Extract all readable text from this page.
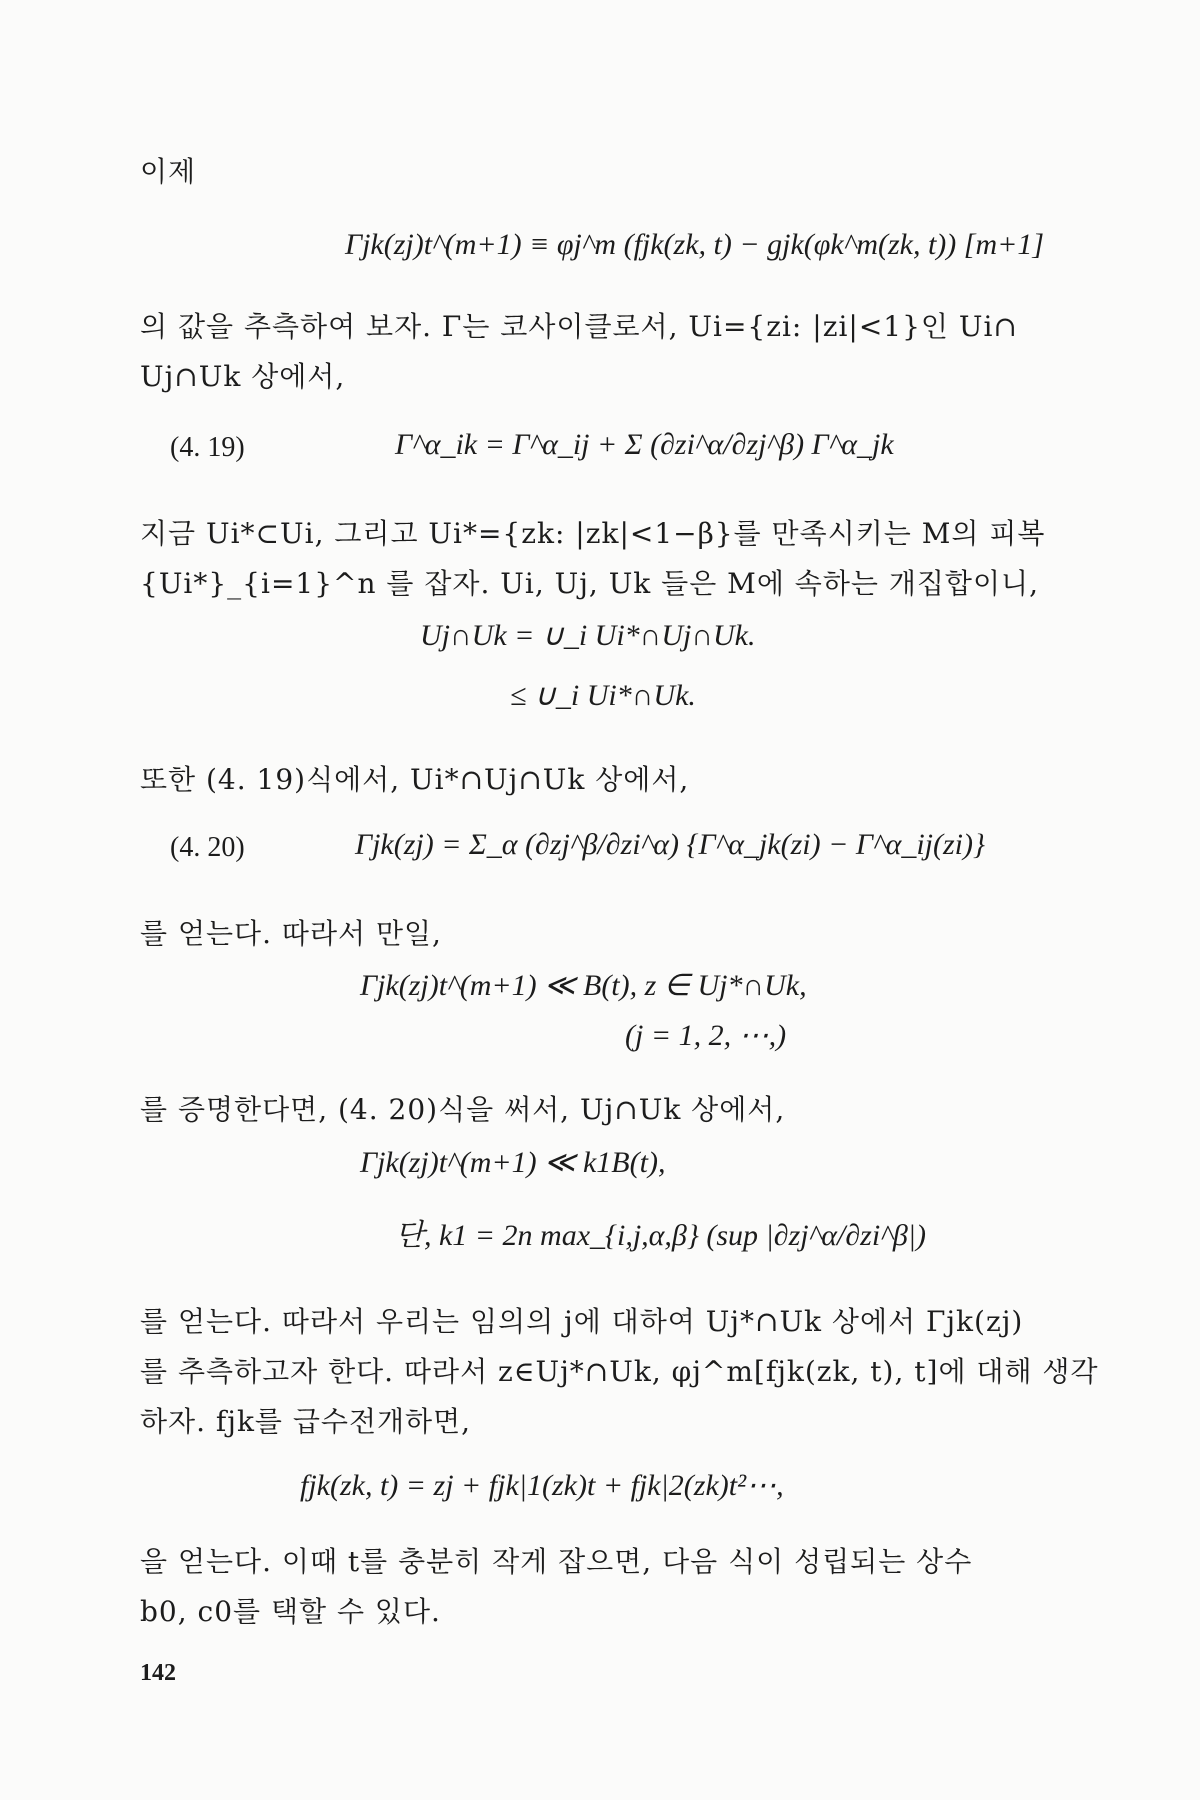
이제
Γjk(zj)t^(m+1) ≡ φj^m (fjk(zk, t) − gjk(φk^m(zk, t)) [m+1]
의 값을 추측하여 보자. Γ는 코사이클로서, Ui={zi: |zi|<1}인 Ui∩
Uj∩Uk 상에서,
(4. 19)	Γ^α_ik = Γ^α_ij + Σ (∂zi^α/∂zj^β) Γ^α_jk
지금 Ui*⊂Ui, 그리고 Ui*={zk: |zk|<1−β}를 만족시키는 M의 피복
{Ui*}_{i=1}^n 를 잡자. Ui, Uj, Uk 들은 M에 속하는 개집합이니,
Uj∩Uk = ∪_i Ui*∩Uj∩Uk.
≤ ∪_i Ui*∩Uk.
또한 (4. 19)식에서, Ui*∩Uj∩Uk 상에서,
(4. 20)	Γjk(zj) = Σ_α (∂zj^β/∂zi^α) {Γ^α_jk(zi) − Γ^α_ij(zi)}
를 얻는다. 따라서 만일,
Γjk(zj)t^(m+1) ≪ B(t), z ∈ Uj*∩Uk,
(j = 1, 2, ⋯,)
를 증명한다면, (4. 20)식을 써서, Uj∩Uk 상에서,
Γjk(zj)t^(m+1) ≪ k1B(t),
단, k1 = 2n max_{i,j,α,β} (sup |∂zj^α/∂zi^β|)
를 얻는다. 따라서 우리는 임의의 j에 대하여 Uj*∩Uk 상에서 Γjk(zj)
를 추측하고자 한다. 따라서 z∈Uj*∩Uk, φj^m[fjk(zk, t), t]에 대해 생각
하자. fjk를 급수전개하면,
fjk(zk, t) = zj + fjk|1(zk)t + fjk|2(zk)t²⋯,
을 얻는다. 이때 t를 충분히 작게 잡으면, 다음 식이 성립되는 상수
b0, c0를 택할 수 있다.
142
